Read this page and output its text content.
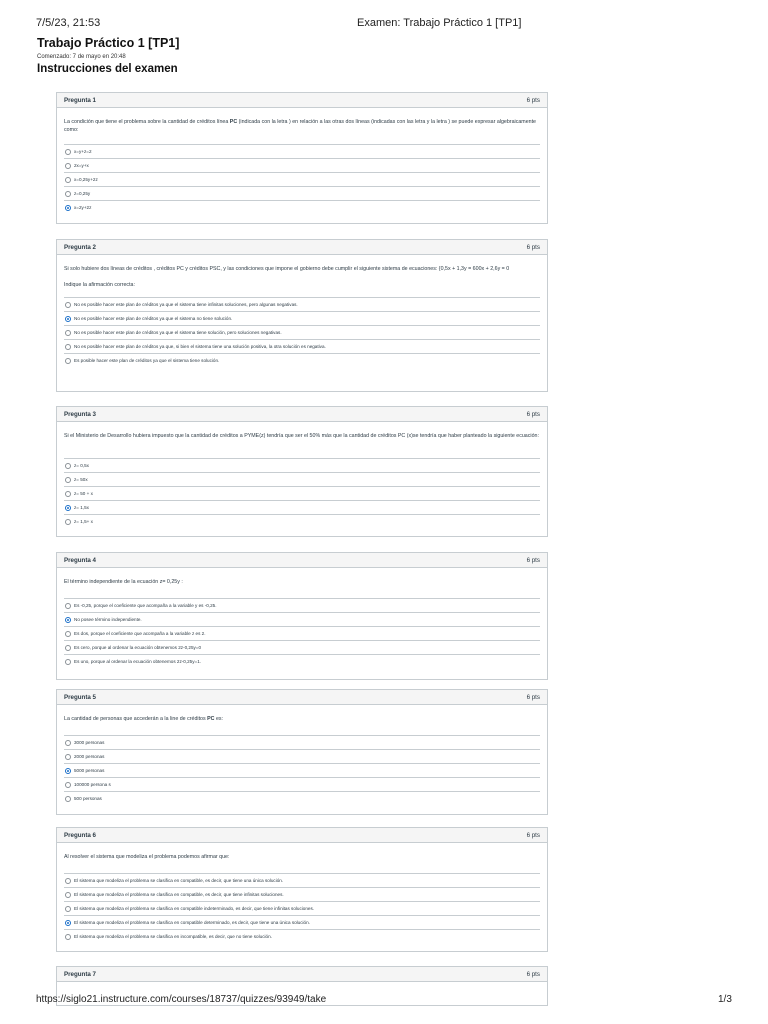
7/5/23, 21:53	Examen: Trabajo Práctico 1 [TP1]
Trabajo Práctico 1 [TP1]
Comenzado: 7 de mayo en 20:48
Instrucciones del examen
Pregunta 1	6 pts
La condición que tiene el problema sobre la cantidad de créditos línea PC (indicada con la letra ) en relación a las otras dos líneas (indicadas con las letra y la letra ) se puede expresar algebraicamente como:
x=y+z=2
2x=y+x
x=0,25y+2z
z=0,25y
x=2y+2z
Pregunta 2	6 pts
Si solo hubiere dos líneas de créditos , créditos PC y créditos PSC, y las condiciones que impone el gobierno debe cumplir el siguiente sistema de ecuaciones: {0,5x + 1,3y = 600x + 2,6y = 0

Indique la afirmación correcta:
No es posible hacer este plan de créditos ya que el sistema tiene infinitas soluciones, pero algunas negativas.
No es posible hacer este plan de créditos ya que el sistema no tiene solución.
No es posible hacer este plan de créditos ya que el sistema tiene solución, pero soluciones negativas.
No es posible hacer este plan de créditos ya que, si bien el sistema tiene una solución positiva, la otra solución es negativa.
Es posible hacer este plan de créditos ya que el sistema tiene solución.
Pregunta 3	6 pts
Si el Ministerio de Desarrollo hubiera impuesto que la cantidad de créditos a PYME(z) tendría que ser el 50% más que la cantidad de créditos PC (x)se tendría que haber planteado la siguiente ecuación:
z= 0,5x
z= 50x
z= 50 + x
z= 1,5x
z= 1,5+ x
Pregunta 4	6 pts
El término independiente de la ecuación z= 0,25y :
Es -0,25, porque el coeficiente que acompaña a la variable y es -0,25.
No posee término independiente.
Es dos, porque el coeficiente que acompaña a la variable z es 2.
Es cero, porque al ordenar la ecuación obtenemos 2z-0,25y=0
Es uno, porque al ordenar la ecuación obtenemos 2z-0,25y=1.
Pregunta 5	6 pts
La cantidad de personas que accederán a la line de créditos PC es:
3000 personas
2000 personas
5000 personas
100000 persona s
500 personas
Pregunta 6	6 pts
Al resolver el sistema que modeliza el problema podemos afirmar que:
El sistema que modeliza el problema se clasifica en compatible, es decir, que tiene una única solución.
El sistema que modeliza el problema se clasifica en compatible, es decir, que tiene infinitas soluciones.
El sistema que modeliza el problema se clasifica en compatible indeterminado, es decir, que tiene infinitas soluciones.
El sistema que modeliza el problema se clasifica en compatible determinado, es decir, que tiene una única solución.
El sistema que modeliza el problema se clasifica en incompatible, es decir, que no tiene solución.
Pregunta 7	6 pts
https://siglo21.instructure.com/courses/18737/quizzes/93949/take	1/3
